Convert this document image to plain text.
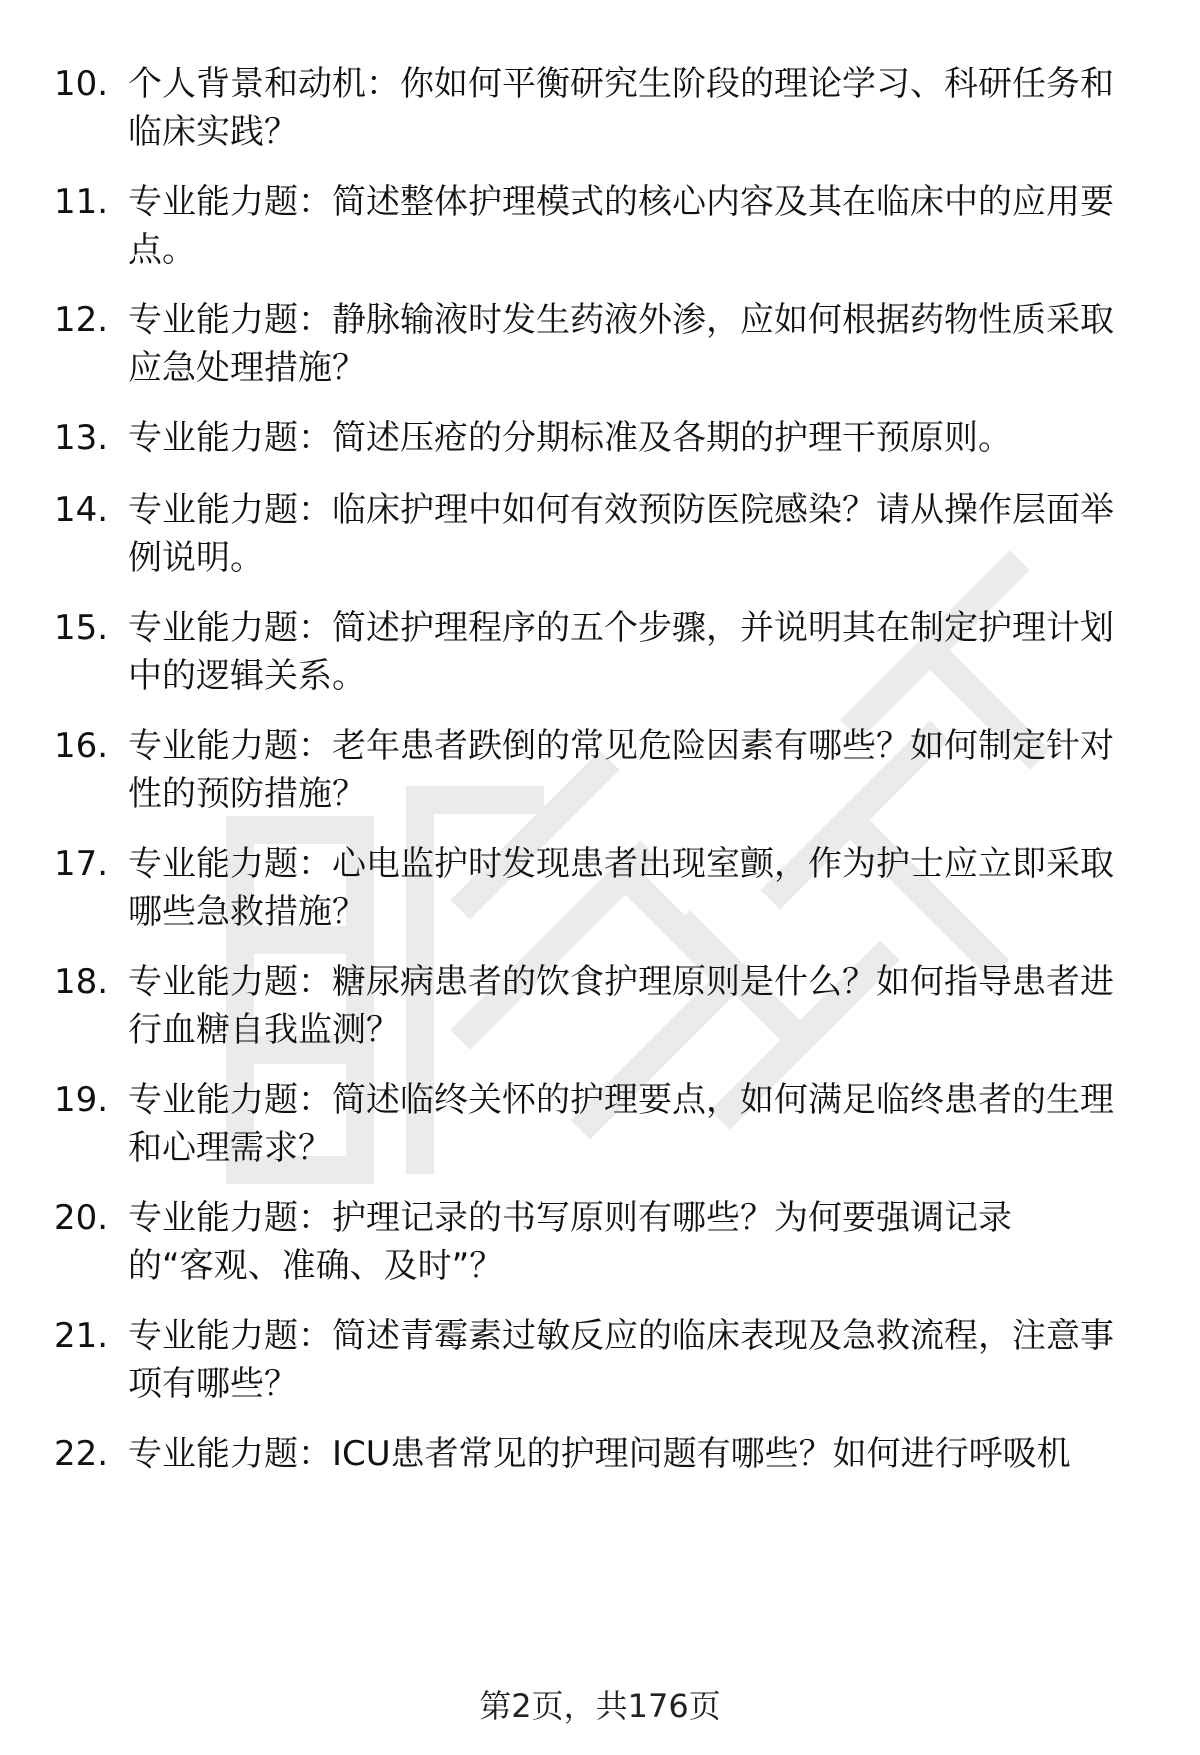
10. 个人背景和动机：你如何平衡研究生阶段的理论学习、科研任务和临床实践？
11. 专业能力题：简述整体护理模式的核心内容及其在临床中的应用要点。
12. 专业能力题：静脉输液时发生药液外渗，应如何根据药物性质采取应急处理措施？
13. 专业能力题：简述压疮的分期标准及各期的护理干预原则。
14. 专业能力题：临床护理中如何有效预防医院感染？请从操作层面举例说明。
15. 专业能力题：简述护理程序的五个步骤，并说明其在制定护理计划中的逻辑关系。
16. 专业能力题：老年患者跌倒的常见危险因素有哪些？如何制定针对性的预防措施？
17. 专业能力题：心电监护时发现患者出现室颤，作为护士应立即采取哪些急救措施？
18. 专业能力题：糖尿病患者的饮食护理原则是什么？如何指导患者进行血糖自我监测？
19. 专业能力题：简述临终关怀的护理要点，如何满足临终患者的生理和心理需求？
20. 专业能力题：护理记录的书写原则有哪些？为何要强调记录的“客观、准确、及时”？
21. 专业能力题：简述青霉素过敏反应的临床表现及急救流程，注意事项有哪些？
22. 专业能力题：ICU患者常见的护理问题有哪些？如何进行呼吸机
第2页，共176页
